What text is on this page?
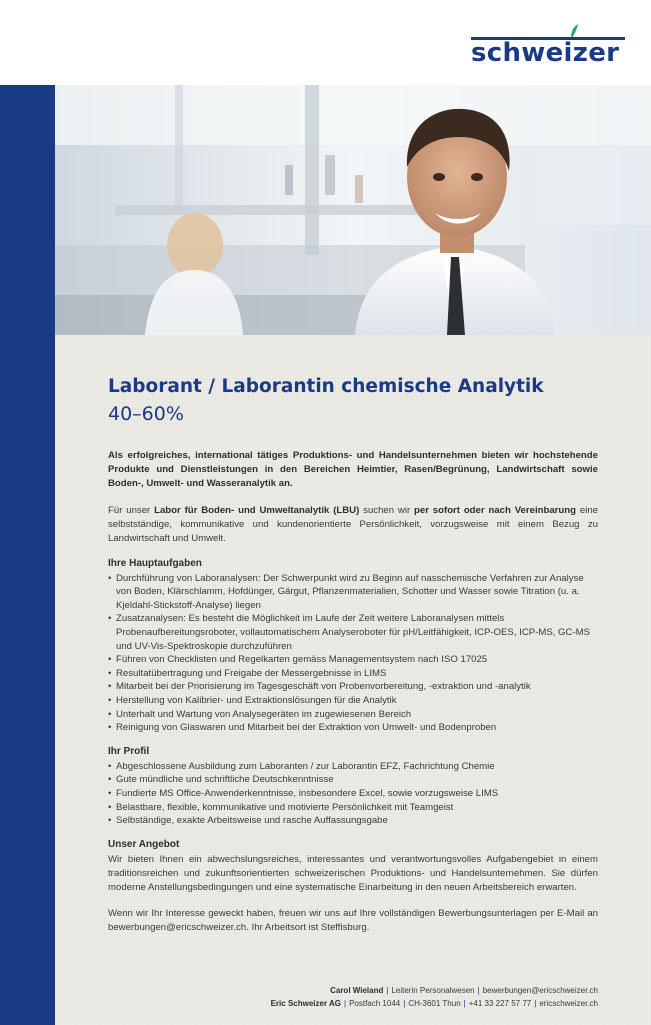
schweizer
Laborant / Laborantin chemische Analytik
40–60%

Als erfolgreiches, international tätiges Produktions- und Handelsunternehmen bieten wir hochstehende Produkte und Dienstleistungen in den Bereichen Heimtier, Rasen/Begrünung, Landwirtschaft sowie Boden-, Umwelt- und Wasseranalytik an.

Für unser Labor für Boden- und Umweltanalytik (LBU) suchen wir per sofort oder nach Vereinbarung eine selbstständige, kommunikative und kundenorientierte Persönlichkeit, vorzugsweise mit einem Bezug zu Landwirtschaft und Umwelt.

Ihre Hauptaufgaben
• Durchführung von Laboranalysen: Der Schwerpunkt wird zu Beginn auf nasschemische Verfahren zur Analyse von Boden, Klärschlamm, Hofdünger, Gärgut, Pflanzenmaterialien, Schotter und Wasser sowie Titration (u. a. Kjeldahl-Stickstoff-Analyse) liegen
• Zusatzanalysen: Es besteht die Möglichkeit im Laufe der Zeit weitere Laboranalysen mittels Probenaufbereitungsroboter, vollautomatischem Analyseroboter für pH/Leitfähigkeit, ICP-OES, ICP-MS, GC-MS und UV-Vis-Spektroskopie durchzuführen
• Führen von Checklisten und Regelkarten gemäss Managementsystem nach ISO 17025
• Resultatübertragung und Freigabe der Messergebnisse in LIMS
• Mitarbeit bei der Priorisierung im Tagesgeschäft von Probenvorbereitung, -extraktion und -analytik
• Herstellung von Kalibrier- und Extraktionslösungen für die Analytik
• Unterhalt und Wartung von Analysegeräten im zugewiesenen Bereich
• Reinigung von Glaswaren und Mitarbeit bei der Extraktion von Umwelt- und Bodenproben
Ihr Profil
• Abgeschlossene Ausbildung zum Laboranten / zur Laborantin EFZ, Fachrichtung Chemie
• Gute mündliche und schriftliche Deutschkenntnisse
• Fundierte MS Office-Anwenderkenntnisse, insbesondere Excel, sowie vorzugsweise LIMS
• Belastbare, flexible, kommunikative und motivierte Persönlichkeit mit Teamgeist
• Selbständige, exakte Arbeitsweise und rasche Auffassungsgabe
Unser Angebot

Wir bieten Ihnen ein abwechslungsreiches, interessantes und verantwortungsvolles Aufgabengebiet in einem traditionsreichen und zukunftsorientierten schweizerischen Produktions- und Handelsunternehmen. Sie dürfen moderne Anstellungsbedingungen und eine systematische Einarbeitung in den neuen Arbeitsbereich erwarten.

Wenn wir Ihr Interesse geweckt haben, freuen wir uns auf Ihre vollständigen Bewerbungsunterlagen per E-Mail an bewerbungen@ericschweizer.ch. Ihr Arbeitsort ist Steffisburg.

Carol Wieland | Leiterin Personalwesen | bewerbungen@ericschweizer.ch
Eric Schweizer AG | Postfach 1044 | CH-3601 Thun | +41 33 227 57 77 | ericschweizer.ch
